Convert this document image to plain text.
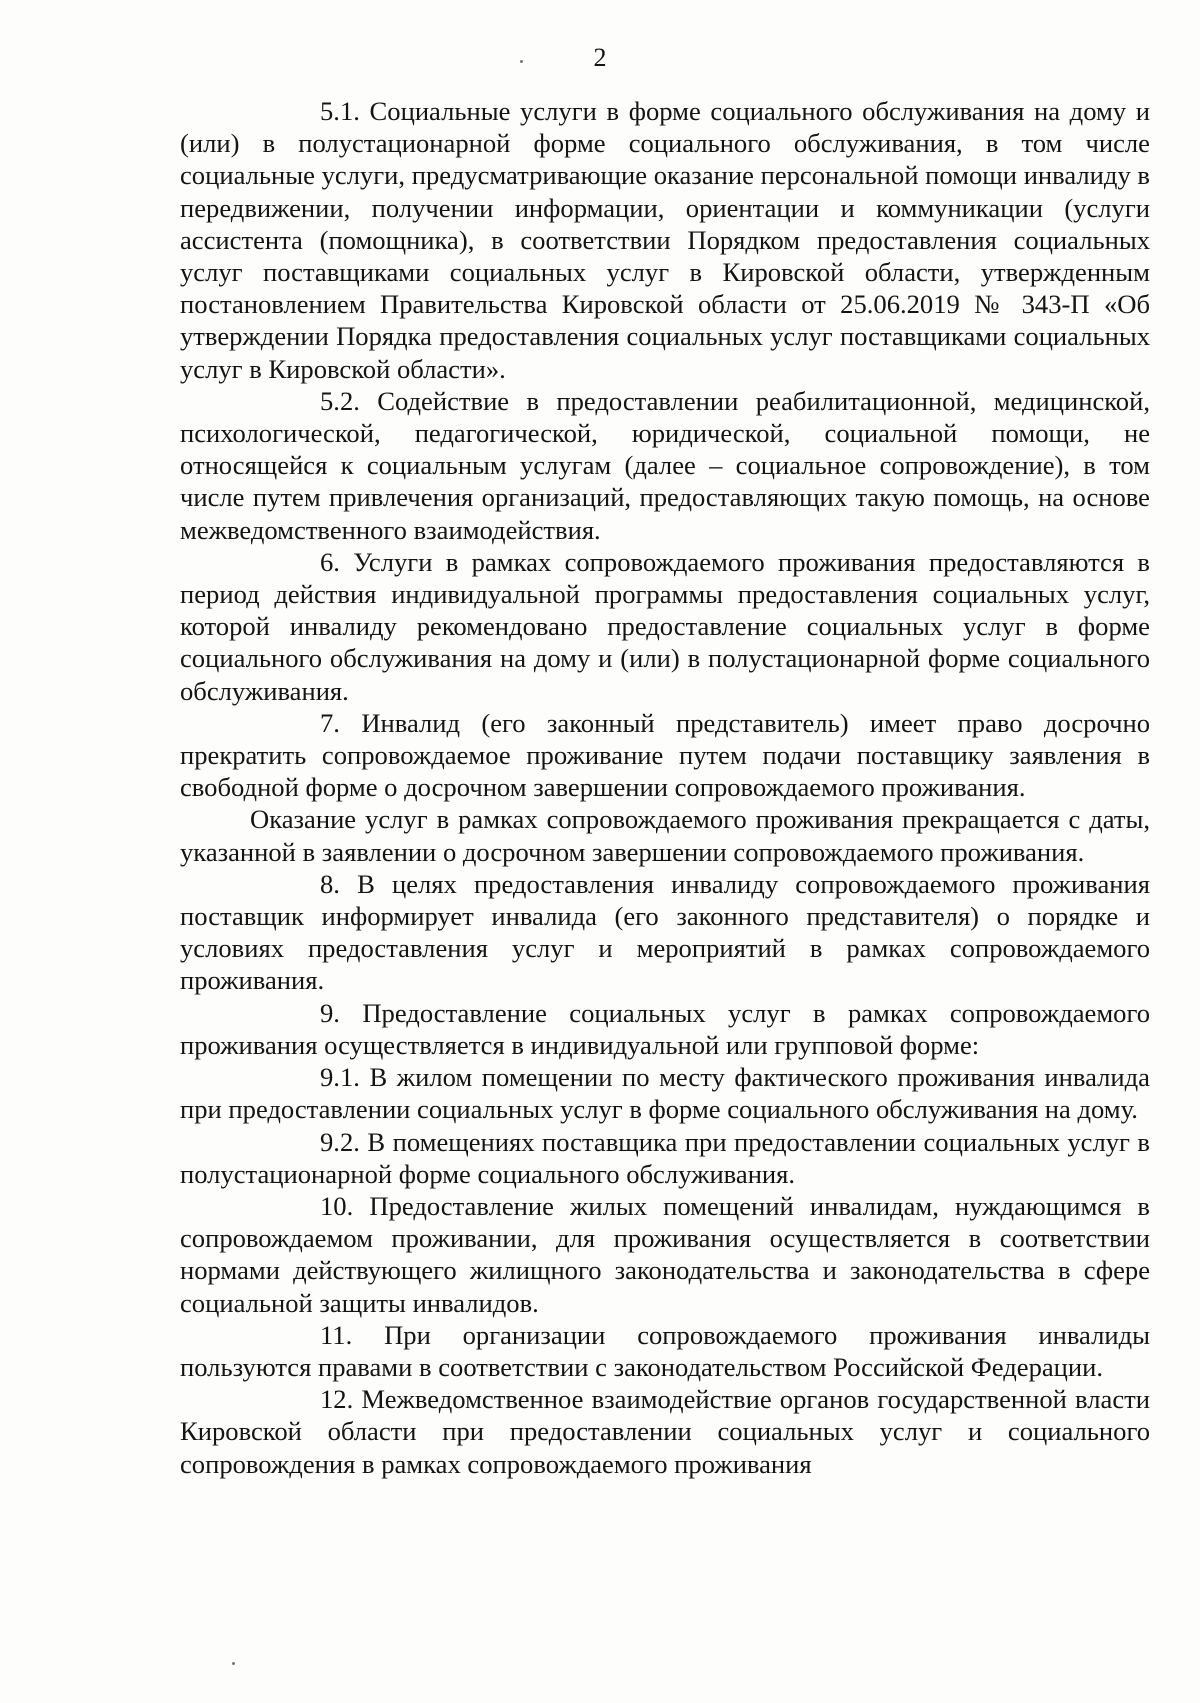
2

5.1. Социальные услуги в форме социального обслуживания на дому и (или) в полустационарной форме социального обслуживания, в том числе социальные услуги, предусматривающие оказание персональной помощи инвалиду в передвижении, получении информации, ориентации и коммуникации (услуги ассистента (помощника), в соответствии Порядком предоставления социальных услуг поставщиками социальных услуг в Кировской области, утвержденным постановлением Правительства Кировской области от 25.06.2019 № 343-П «Об утверждении Порядка предоставления социальных услуг поставщиками социальных услуг в Кировской области».

5.2. Содействие в предоставлении реабилитационной, медицинской, психологической, педагогической, юридической, социальной помощи, не относящейся к социальным услугам (далее – социальное сопровождение), в том числе путем привлечения организаций, предоставляющих такую помощь, на основе межведомственного взаимодействия.

6. Услуги в рамках сопровождаемого проживания предоставляются в период действия индивидуальной программы предоставления социальных услуг, которой инвалиду рекомендовано предоставление социальных услуг в форме социального обслуживания на дому и (или) в полустационарной форме социального обслуживания.

7. Инвалид (его законный представитель) имеет право досрочно прекратить сопровождаемое проживание путем подачи поставщику заявления в свободной форме о досрочном завершении сопровождаемого проживания.

Оказание услуг в рамках сопровождаемого проживания прекращается с даты, указанной в заявлении о досрочном завершении сопровождаемого проживания.

8. В целях предоставления инвалиду сопровождаемого проживания поставщик информирует инвалида (его законного представителя) о порядке и условиях предоставления услуг и мероприятий в рамках сопровождаемого проживания.

9. Предоставление социальных услуг в рамках сопровождаемого проживания осуществляется в индивидуальной или групповой форме:

9.1. В жилом помещении по месту фактического проживания инвалида при предоставлении социальных услуг в форме социального обслуживания на дому.

9.2. В помещениях поставщика при предоставлении социальных услуг в полустационарной форме социального обслуживания.

10. Предоставление жилых помещений инвалидам, нуждающимся в сопровождаемом проживании, для проживания осуществляется в соответствии нормами действующего жилищного законодательства и законодательства в сфере социальной защиты инвалидов.

11. При организации сопровождаемого проживания инвалиды пользуются правами в соответствии с законодательством Российской Федерации.

12. Межведомственное взаимодействие органов государственной власти Кировской области при предоставлении социальных услуг и социального сопровождения в рамках сопровождаемого проживания
